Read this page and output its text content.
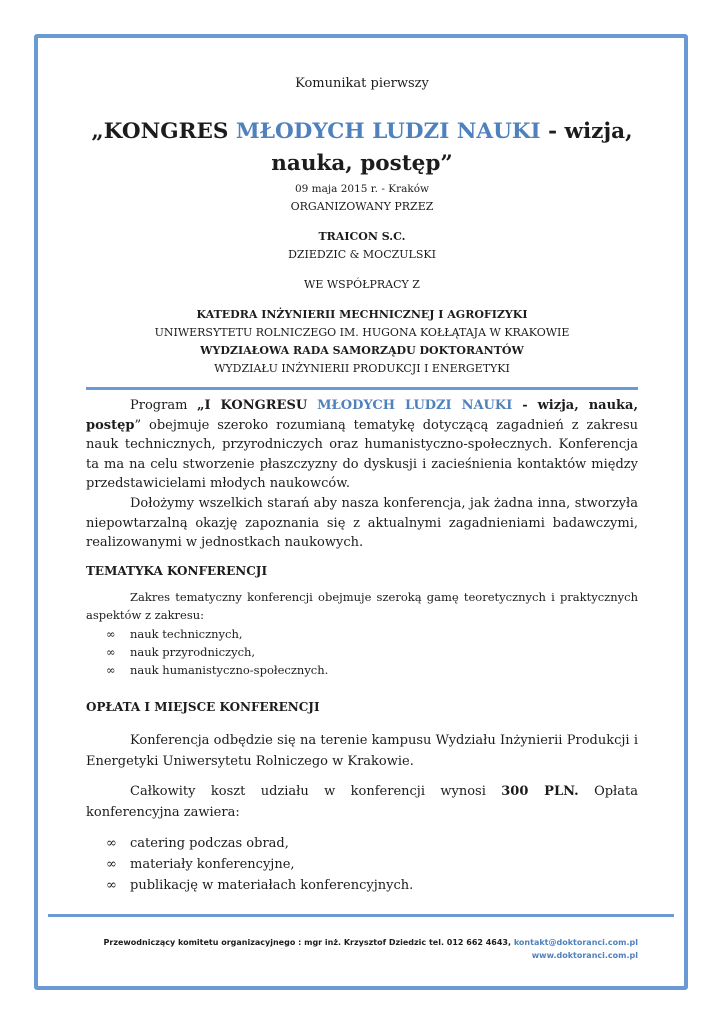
Komunikat pierwszy
„KONGRES MŁODYCH LUDZI NAUKI - wizja,
nauka, postęp”
09 maja 2015 r. - Kraków
ORGANIZOWANY PRZEZ
TRAICON S.C.
DZIEDZIC & MOCZULSKI
WE WSPÓŁPRACY Z
KATEDRA INŻYNIERII MECHNICZNEJ I AGROFIZYKI
UNIWERSYTETU ROLNICZEGO IM. HUGONA KOŁŁĄTAJA W KRAKOWIE
WYDZIAŁOWA RADA SAMORZĄDU DOKTORANTÓW
WYDZIAŁU INŻYNIERII PRODUKCJI I ENERGETYKI
Program „I KONGRESU MŁODYCH LUDZI NAUKI - wizja, nauka, postęp” obejmuje szeroko rozumianą tematykę dotyczącą zagadnień z zakresu nauk technicznych, przyrodniczych oraz humanistyczno-społecznych. Konferencja ta ma na celu stworzenie płaszczyzny do dyskusji i zacieśnienia kontaktów między przedstawicielami młodych naukowców.
Dołożymy wszelkich starań aby nasza konferencja, jak żadna inna, stworzyła niepowtarzalną okazję zapoznania się z aktualnymi zagadnieniami badawczymi, realizowanymi w jednostkach naukowych.
TEMATYKA KONFERENCJI
Zakres tematyczny konferencji obejmuje szeroką gamę teoretycznych i praktycznych aspektów z zakresu:
∞ nauk technicznych,
∞ nauk przyrodniczych,
∞ nauk humanistyczno-społecznych.
OPŁATA I MIEJSCE KONFERENCJI
Konferencja odbędzie się na terenie kampusu Wydziału Inżynierii Produkcji i Energetyki Uniwersytetu Rolniczego w Krakowie.
Całkowity koszt udziału w konferencji wynosi 300 PLN. Opłata konferencyjna zawiera:
∞ catering podczas obrad,
∞ materiały konferencyjne,
∞ publikację w materiałach konferencyjnych.
Przewodniczący komitetu organizacyjnego : mgr inż. Krzysztof Dziedzic tel. 012 662 4643, kontakt@doktoranci.com.pl
www.doktoranci.com.pl
